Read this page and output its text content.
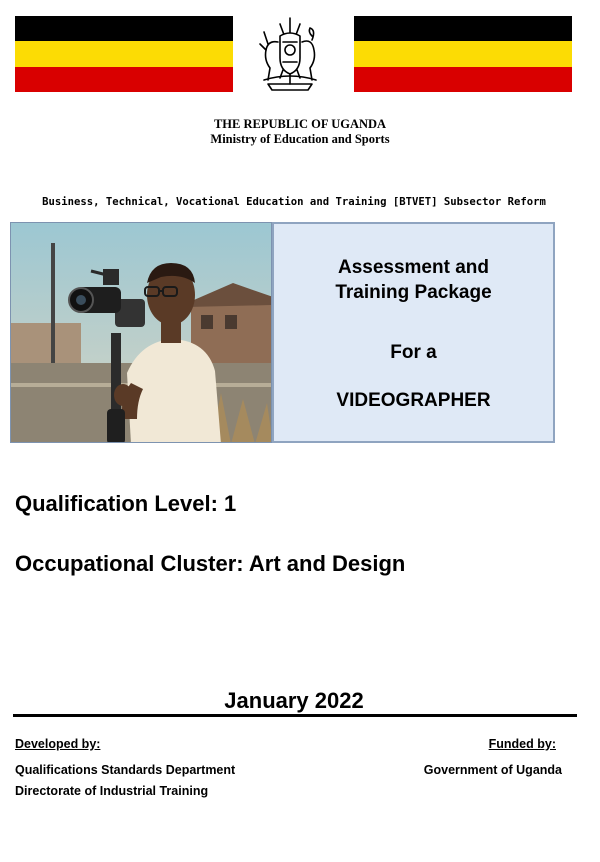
THE REPUBLIC OF UGANDA
Ministry of Education and Sports
Business, Technical, Vocational Education and Training [BTVET] Subsector Reform
Assessment and
Training Package
For a
VIDEOGRAPHER
Qualification Level: 1
Occupational Cluster: Art and Design
January 2022
Developed by:	Funded by:
Qualifications Standards Department
Directorate of Industrial Training
Government of Uganda
